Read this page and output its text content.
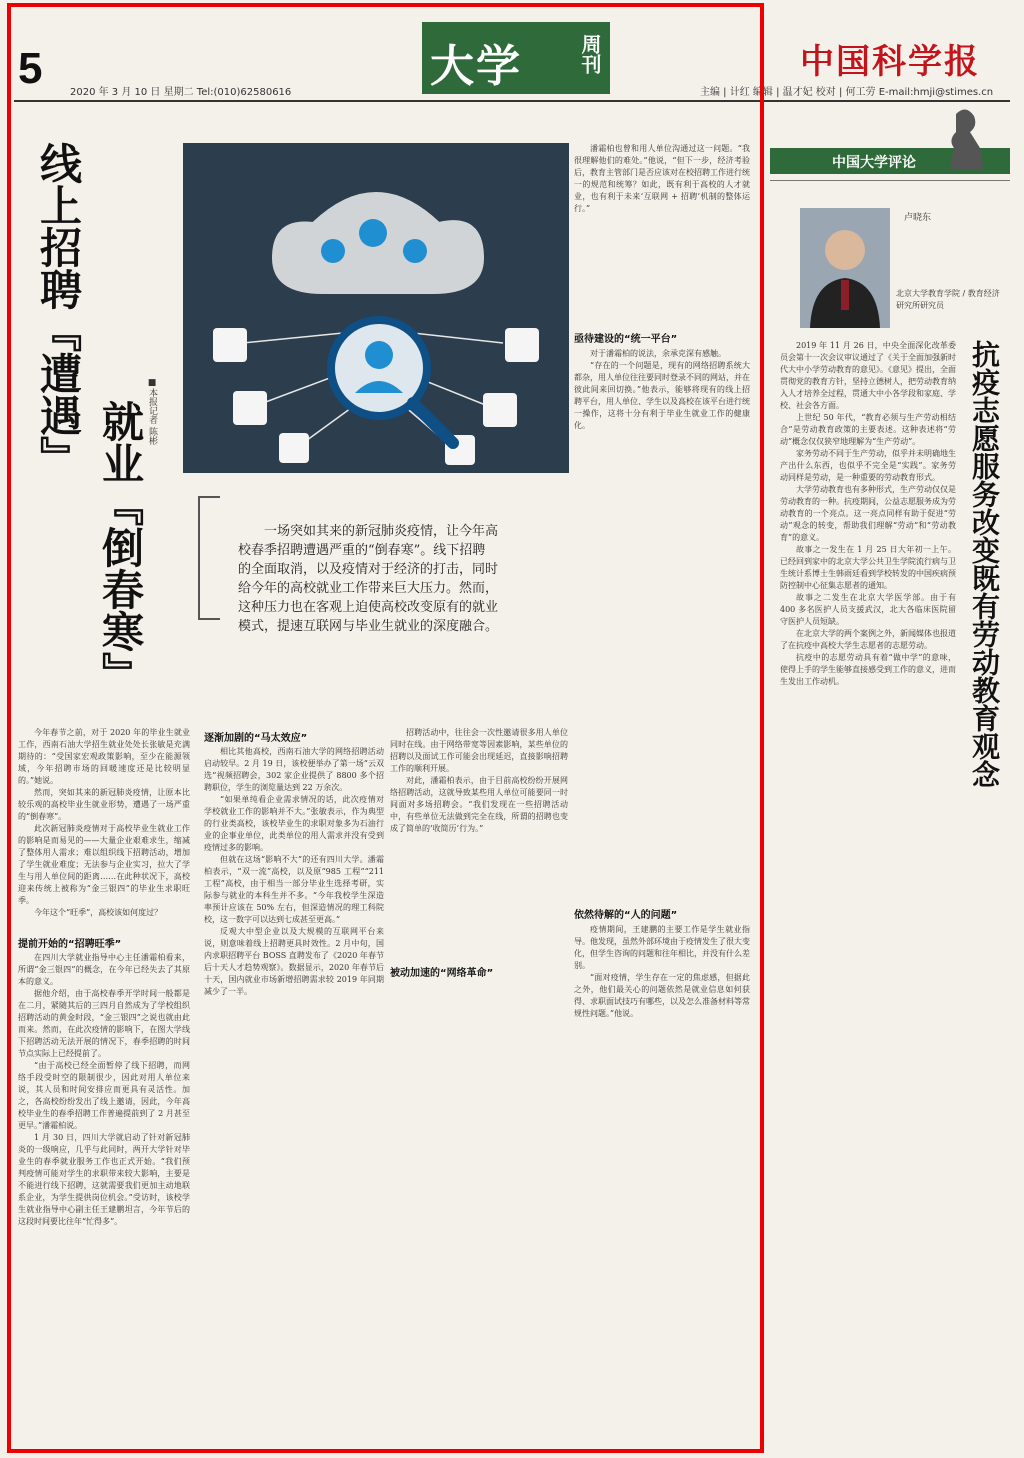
5	2020 年 3 月 10 日 星期二 Tel:(010)62580616
大学	周刊	中国科学报
主编 | 计红 编辑 | 温才妃 校对 | 何工劳 E-mail:hmji@stimes.cn
线上招聘『遭遇』
就业『倒春寒』 ■本报记者 陈彬
一场突如其来的新冠肺炎疫情，让今年高校春季招聘遭遇严重的“倒春寒”。线下招聘的全面取消，以及疫情对于经济的打击，同时给今年的高校就业工作带来巨大压力。然而，这种压力也在客观上迫使高校改变原有的就业模式，提速互联网与毕业生就业的深度融合。

今年春节之前，对于 2020 年的毕业生就业工作，西南石油大学招生就业处处长张敏是充满期待的：“受国家宏观政策影响，至少在能源领域，今年招聘市场的回暖速度还是比较明显的。”她说。

然而，突如其来的新冠肺炎疫情，让原本比较乐观的高校毕业生就业形势，遭遇了一场严重的“倒春寒”。

此次新冠肺炎疫情对于高校毕业生就业工作的影响是而易见的——大量企业艰难求生，缩减了整体用人需求；难以组织线下招聘活动，增加了学生就业难度；无法参与企业实习，拉大了学生与用人单位间的距离……在此种状况下，高校迎来传统上被称为“金三银四”的毕业生求职旺季。

今年这个“旺季”，高校该如何度过？

提前开始的“招聘旺季”

在四川大学就业指导中心主任潘霜柏看来，所谓“金三银四”的概念，在今年已经失去了其原本的意义。

据他介绍，由于高校春季开学时间一般都是在二月，紧随其后的三四月自然成为了学校组织招聘活动的黄金时段，“金三银四”之说也就由此而来。然而，在此次疫情的影响下，在图大学线下招聘活动无法开展的情况下，春季招聘的时间节点实际上已经提前了。

“由于高校已经全面暂停了线下招聘，而网络手段受时空的限制很少，因此对用人单位来说，其人员和时间安排应而更具有灵活性。加之，各高校纷纷发出了线上邀请，因此，今年高校毕业生的春季招聘工作普遍提前到了 2 月甚至更早。”潘霜柏说。

1 月 30 日，四川大学就启动了针对新冠肺炎的一级响应，几乎与此同时，两开大学针对毕业生的春季就业服务工作也正式开始。“我们预判疫情可能对学生的求职带来较大影响，主要是不能进行线下招聘，这就需要我们更加主动地联系企业，为学生提供岗位机会。”受访时，该校学生就业指导中心副主任王建鹏坦言，今年节后的这段时间要比往年“忙得多”。

逐渐加剧的“马太效应”

相比其他高校，西南石油大学的网络招聘活动启动较早。2 月 19 日，该校便举办了第一场“云双选”视频招聘会，302 家企业提供了 8800 多个招聘职位，学生的浏览量达到 22 万余次。

“如果单纯看企业需求情况的话，此次疫情对学校就业工作的影响并不大。”张敏表示，作为典型的行业类高校，该校毕业生的求职对象多为石油行业的企事业单位，此类单位的用人需求并没有受到疫情过多的影响。

但就在这场“影响不大”的还有四川大学。潘霜柏表示，“双一流”高校，以及原“985 工程”“211 工程”高校，由于相当一部分毕业生选择考研，实际参与就业的本科生并不多。“今年我校学生深造率预计应该在 50% 左右，但深造情况的理工科院校，这一数字可以达到七成甚至更高。”

反观大中型企业以及大规模的互联网平台来说，则意味着线上招聘更具时效性。2 月中旬，国内求职招聘平台 BOSS 直聘发布了《2020 年春节后十天人才趋势观察》。数据显示，2020 年春节后十天，国内就业市场新增招聘需求较 2019 年同期减少了一半。

被动加速的“网络革命”

招聘活动中，往往会一次性邀请很多用人单位同时在线。由于网络带宽等因素影响，某些单位的招聘以及面试工作可能会出现延迟，直接影响招聘工作的顺利开展。

对此，潘霜柏表示，由于目前高校纷纷开展网络招聘活动，这就导致某些用人单位可能要同一时间面对多场招聘会。“我们发现在一些招聘活动中，有些单位无法做到完全在线，所谓的招聘也变成了简单的‘收简历’行为。”

潘霜柏也曾和用人单位沟通过这一问题。“我很理解他们的难处。”他说，“但下一步，经济考验后，教育主管部门是否应该对在校招聘工作进行统一的规范和统筹？如此，既有利于高校的人才就业，也有利于未来‘互联网 + 招聘’机制的整体运行。”

亟待建设的“统一平台”

对于潘霜柏的说法，余承克深有感触。

“存在的一个问题是，现有的网络招聘系统大都杂，用人单位往往要同时登录不同的网站，并在彼此间来回切换。”他表示，能够将现有的线上招聘平台，用人单位、学生以及高校在该平台进行统一操作，这将十分有利于毕业生就业工作的健康化。

依然待解的“人的问题”

疫情期间，王建鹏的主要工作是学生就业指导。他发现，虽然外部环境由于疫情发生了很大变化，但学生咨询的问题和往年相比，并没有什么差别。

“面对疫情，学生存在一定的焦虑感，但据此之外，他们最关心的问题依然是就业信息如何获得、求职面试技巧有哪些，以及怎么准备材料等常规性问题。”他说。

中国大学评论
卢晓东
北京大学教育学院 / 教育经济研究所研究员
抗疫志愿服务改变既有劳动教育观念

2019 年 11 月 26 日，中央全面深化改革委员会第十一次会议审议通过了《关于全面加强新时代大中小学劳动教育的意见》。《意见》提出，全面贯彻党的教育方针，坚持立德树人，把劳动教育纳入人才培养全过程，贯通大中小各学段和家庭、学校、社会各方面。

上世纪 50 年代，“教育必须与生产劳动相结合”是劳动教育政策的主要表述。这种表述将“劳动”概念仅仅狭窄地理解为“生产劳动”。

家务劳动不同于生产劳动，似乎并未明确地生产出什么东西，也似乎不完全是“实践”。家务劳动同样是劳动，是一种重要的劳动教育形式。

大学劳动教育也有多种形式，生产劳动仅仅是劳动教育的一种。抗疫期间，公益志愿服务成为劳动教育的一个亮点。这一亮点同样有助于促进“劳动”观念的转变，帮助我们理解“劳动”和“劳动教育”的意义。

故事之一发生在 1 月 25 日大年初一上午。已经回到家中的北京大学公共卫生学院流行病与卫生统计系博士生韩雨廷看到学校转发的中国疾病预防控制中心征集志愿者的通知。

故事之二发生在北京大学医学部。由于有 400 多名医护人员支援武汉，北大各临床医院留守医护人员短缺。

在北京大学的两个案例之外，新闻媒体也报道了在抗疫中高校大学生志愿者的志愿劳动。

抗疫中的志愿劳动具有着“做中学”的意味，使得上手的学生能够直接感受到工作的意义，进而生发出工作动机。
